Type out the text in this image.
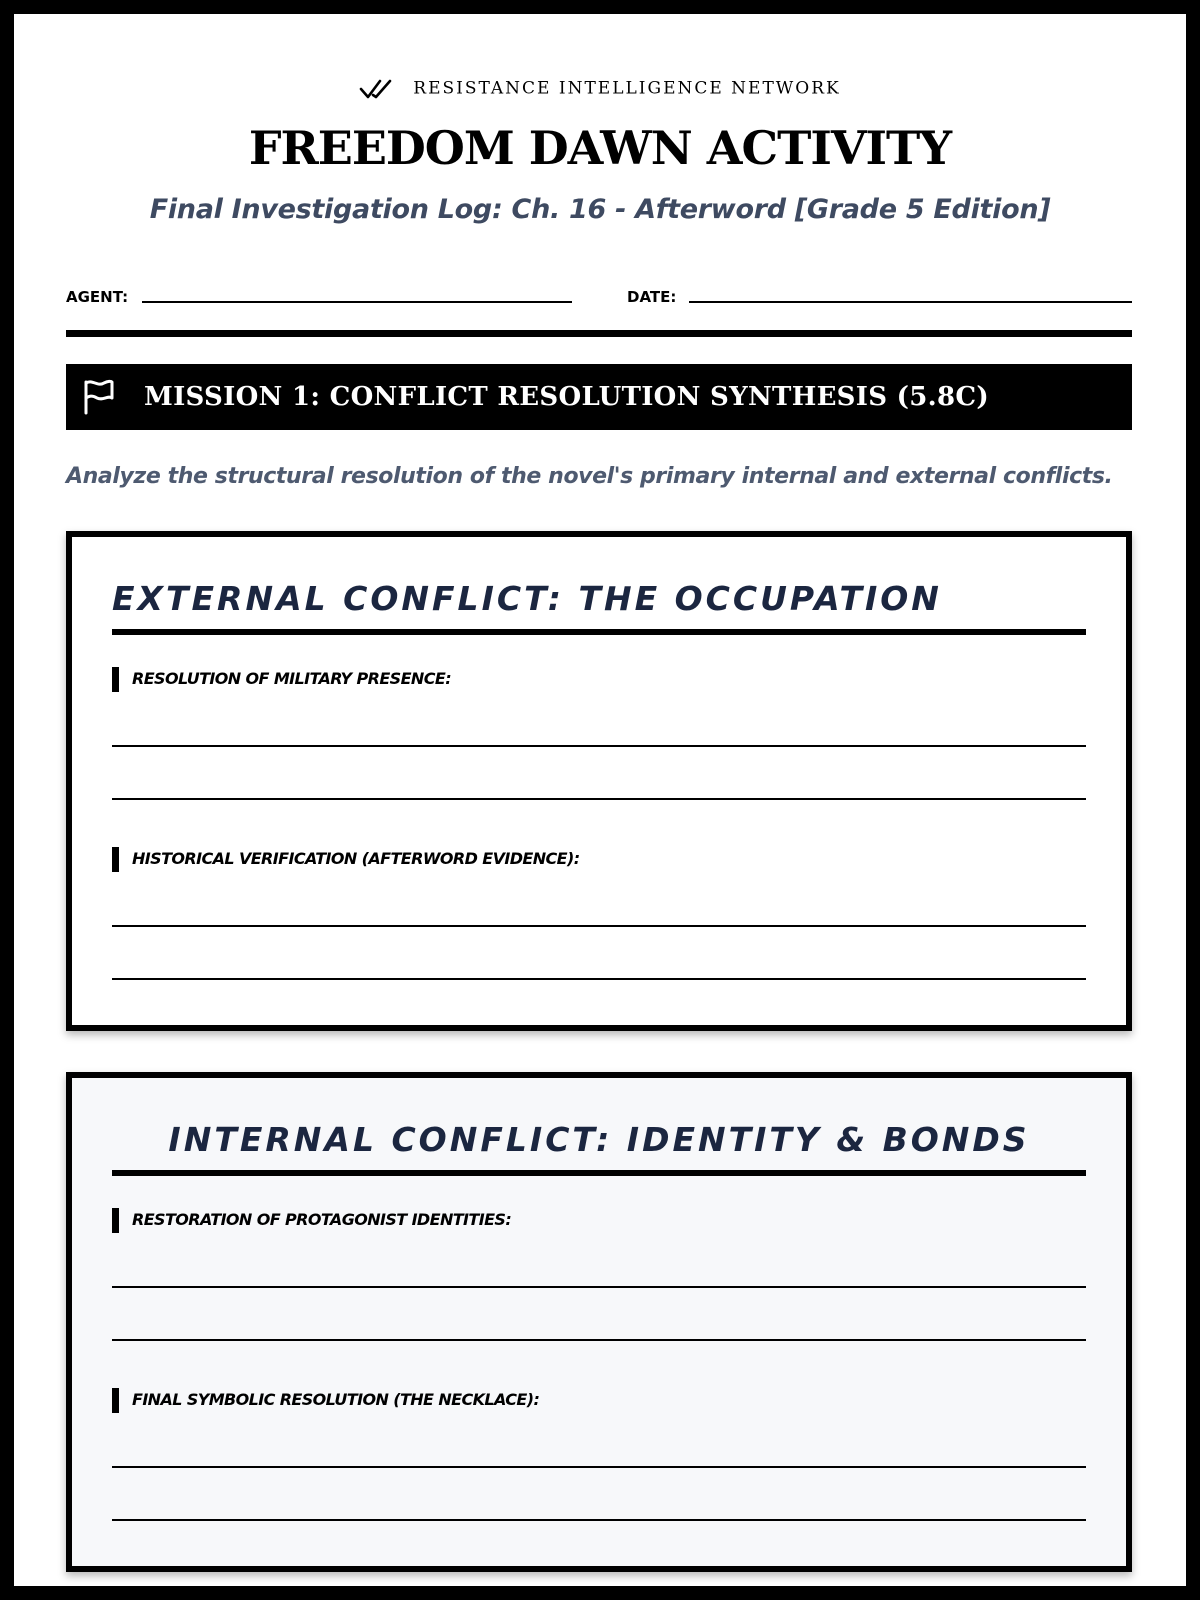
RESISTANCE INTELLIGENCE NETWORK
FREEDOM DAWN ACTIVITY
Final Investigation Log: Ch. 16 - Afterword [Grade 5 Edition]
AGENT:	DATE:
MISSION 1: CONFLICT RESOLUTION SYNTHESIS (5.8C)
Analyze the structural resolution of the novel's primary internal and external conflicts.
EXTERNAL CONFLICT: THE OCCUPATION
RESOLUTION OF MILITARY PRESENCE:
HISTORICAL VERIFICATION (AFTERWORD EVIDENCE):
INTERNAL CONFLICT: IDENTITY & BONDS
RESTORATION OF PROTAGONIST IDENTITIES:
FINAL SYMBOLIC RESOLUTION (THE NECKLACE):
